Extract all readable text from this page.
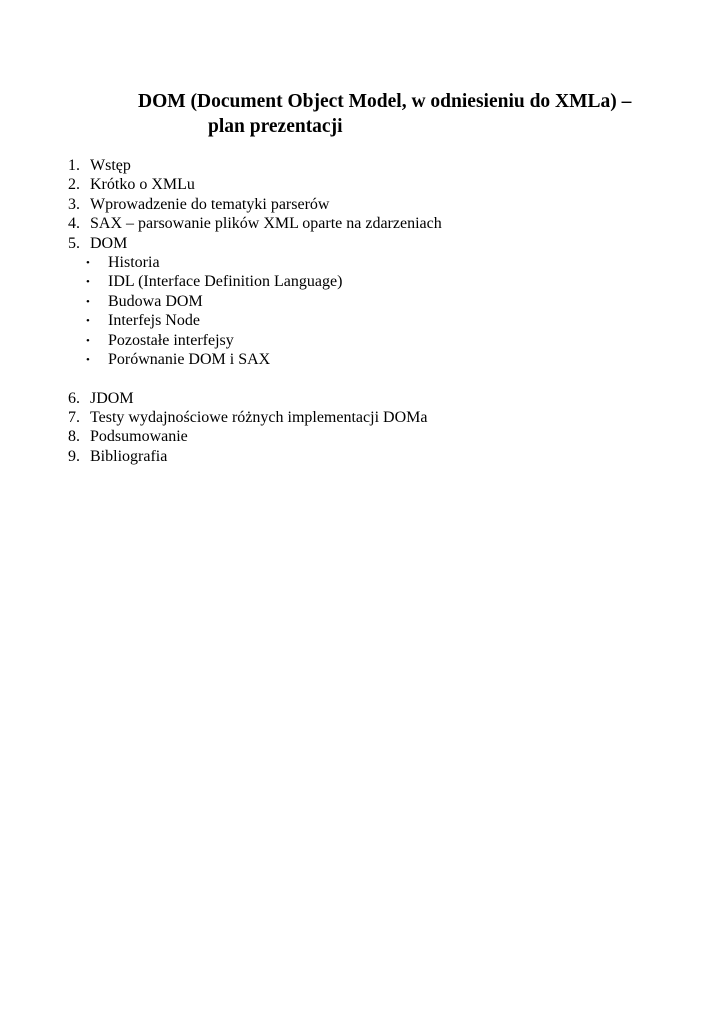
DOM (Document Object Model, w odniesieniu do XMLa) –
plan prezentacji
1. Wstęp
2. Krótko o XMLu
3. Wprowadzenie do tematyki parserów
4. SAX – parsowanie plików XML oparte na zdarzeniach
5. DOM
• Historia
• IDL (Interface Definition Language)
• Budowa DOM
• Interfejs Node
• Pozostałe interfejsy
• Porównanie DOM i SAX
6. JDOM
7. Testy wydajnościowe różnych implementacji DOMa
8. Podsumowanie
9. Bibliografia
